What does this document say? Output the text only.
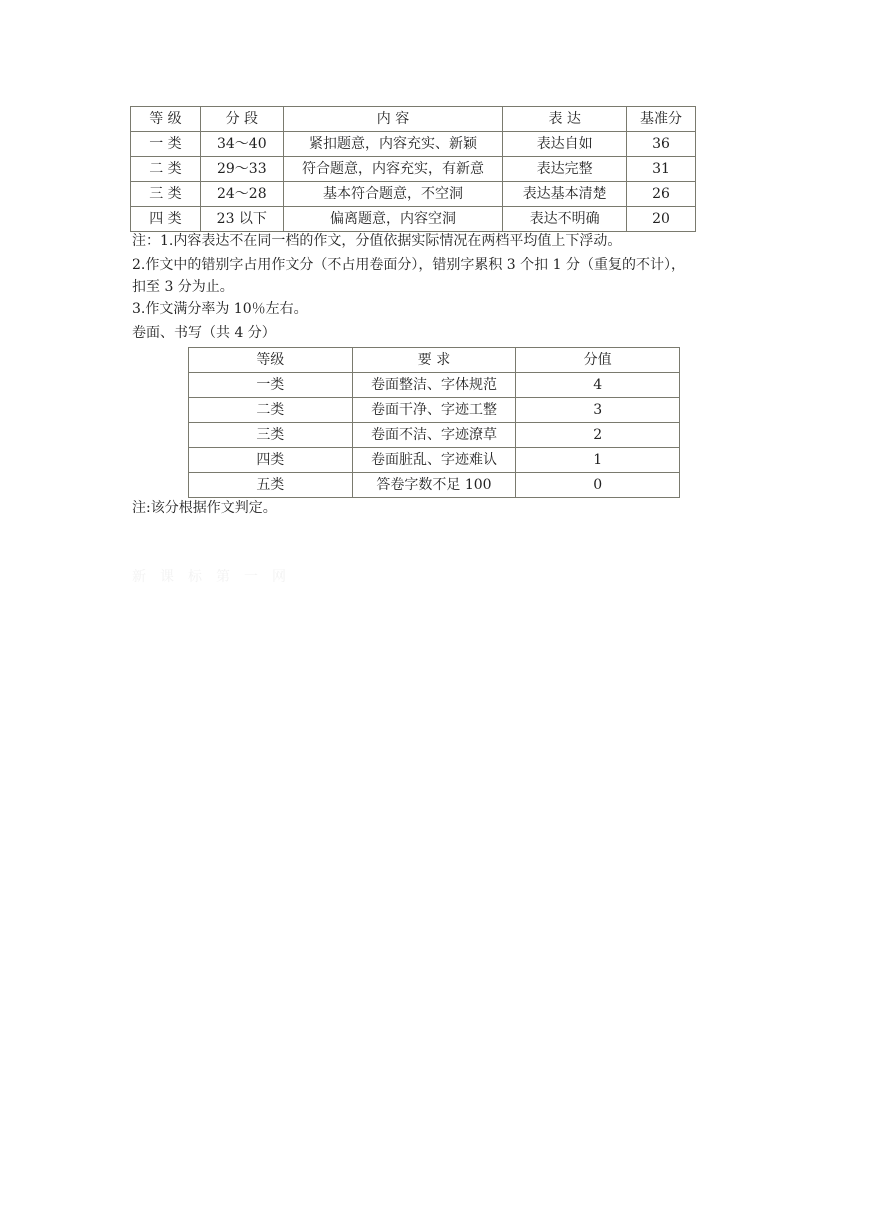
等 级	分 段	内 容	表 达	基准分
一 类	34～40	紧扣题意，内容充实、新颖	表达自如	36
二 类	29～33	符合题意，内容充实，有新意	表达完整	31
三 类	24～28	基本符合题意，不空洞	表达基本清楚	26
四 类	23 以下	偏离题意，内容空洞	表达不明确	20
注：1.内容表达不在同一档的作文，分值依据实际情况在两档平均值上下浮动。
2.作文中的错别字占用作文分（不占用卷面分），错别字累积 3 个扣 1 分（重复的不计），
扣至 3 分为止。
3.作文满分率为 10％左右。
卷面、书写（共 4 分）
等级	要 求	分值
一类	卷面整洁、字体规范	4
二类	卷面干净、字迹工整	3
三类	卷面不洁、字迹潦草	2
四类	卷面脏乱、字迹难认	1
五类	答卷字数不足 100	0
注:该分根据作文判定。
新课标第一网
